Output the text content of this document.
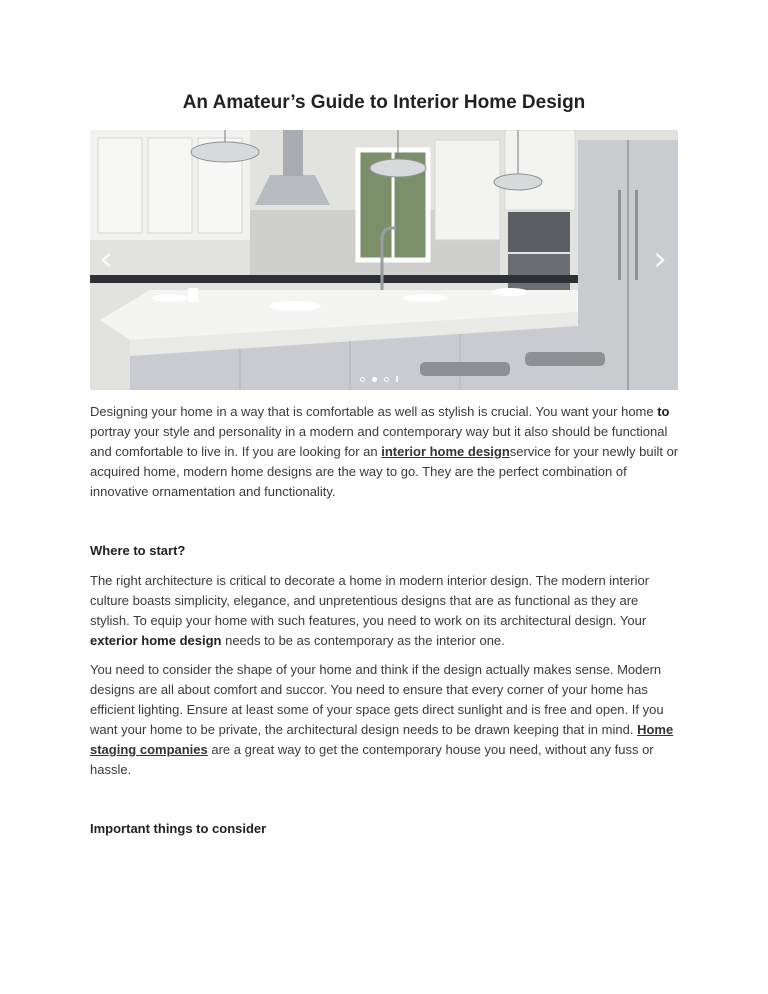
An Amateur’s Guide to Interior Home Design
‹	›

Designing your home in a way that is comfortable as well as stylish is crucial. You want your home to portray your style and personality in a modern and contemporary way but it also should be functional and comfortable to live in. If you are looking for an interior home designservice for your newly built or acquired home, modern home designs are the way to go. They are the perfect combination of innovative ornamentation and functionality.

Where to start?

The right architecture is critical to decorate a home in modern interior design. The modern interior culture boasts simplicity, elegance, and unpretentious designs that are as functional as they are stylish. To equip your home with such features, you need to work on its architectural design. Your exterior home design needs to be as contemporary as the interior one.

You need to consider the shape of your home and think if the design actually makes sense. Modern designs are all about comfort and succor. You need to ensure that every corner of your home has efficient lighting. Ensure at least some of your space gets direct sunlight and is free and open. If you want your home to be private, the architectural design needs to be drawn keeping that in mind. Home staging companies are a great way to get the contemporary house you need, without any fuss or hassle.

Important things to consider
